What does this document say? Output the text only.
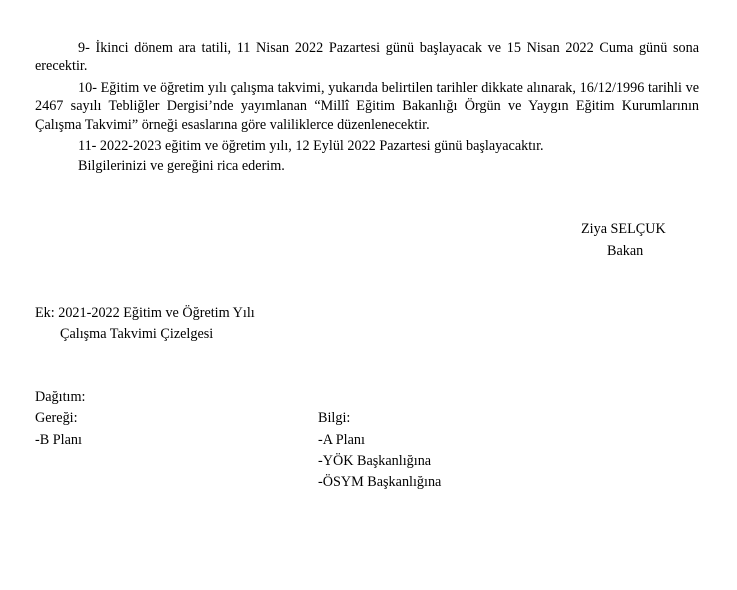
9- İkinci dönem ara tatili, 11 Nisan 2022 Pazartesi günü başlayacak ve 15 Nisan 2022 Cuma günü sona erecektir.

10- Eğitim ve öğretim yılı çalışma takvimi, yukarıda belirtilen tarihler dikkate alınarak, 16/12/1996 tarihli ve 2467 sayılı Tebliğler Dergisi’nde yayımlanan “Millî Eğitim Bakanlığı Örgün ve Yaygın Eğitim Kurumlarının Çalışma Takvimi” örneği esaslarına göre valiliklerce düzenlenecektir.

11- 2022-2023 eğitim ve öğretim yılı, 12 Eylül 2022 Pazartesi günü başlayacaktır.

Bilgilerinizi ve gereğini rica ederim.

Ziya SELÇUK

Bakan

Ek: 2021-2022 Eğitim ve Öğretim Yılı

Çalışma Takvimi Çizelgesi

Dağıtım:

Gereği:

-B Planı

Bilgi:

-A Planı

-YÖK Başkanlığına

-ÖSYM Başkanlığına
